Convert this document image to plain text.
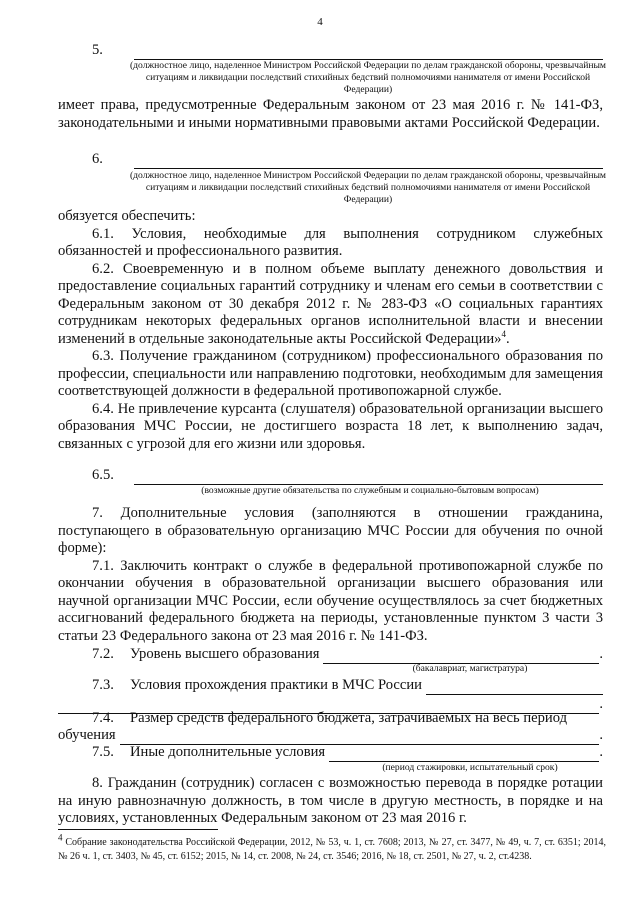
4
5.
(должностное лицо, наделенное Министром Российской Федерации по делам гражданской обороны, чрезвычайным ситуациям и ликвидации последствий стихийных бедствий полномочиями нанимателя от имени Российской Федерации)

имеет права, предусмотренные Федеральным законом от 23 мая 2016 г. № 141-ФЗ, законодательными и иными нормативными правовыми актами Российской Федерации.

6.
(должностное лицо, наделенное Министром Российской Федерации по делам гражданской обороны, чрезвычайным ситуациям и ликвидации последствий стихийных бедствий полномочиями нанимателя от имени Российской Федерации)

обязуется обеспечить:

6.1. Условия, необходимые для выполнения сотрудником служебных обязанностей и профессионального развития.

6.2. Своевременную и в полном объеме выплату денежного довольствия и предоставление социальных гарантий сотруднику и членам его семьи в соответствии с Федеральным законом от 30 декабря 2012 г. № 283-ФЗ «О социальных гарантиях сотрудникам некоторых федеральных органов исполнительной власти и внесении изменений в отдельные законодательные акты Российской Федерации»$^4$.

6.3. Получение гражданином (сотрудником) профессионального образования по профессии, специальности или направлению подготовки, необходимым для замещения соответствующей должности в федеральной противопожарной службе.

6.4. Не привлечение курсанта (слушателя) образовательной организации высшего образования МЧС России, не достигшего возраста 18 лет, к выполнению задач, связанных с угрозой для его жизни или здоровья.

6.5.
(возможные другие обязательства по служебным и социально-бытовым вопросам)

7. Дополнительные условия (заполняются в отношении гражданина, поступающего в образовательную организацию МЧС России для обучения по очной форме):

7.1. Заключить контракт о службе в федеральной противопожарной службе по окончании обучения в образовательной организации высшего образования или научной организации МЧС России, если обучение осуществлялось за счет бюджетных ассигнований федерального бюджета на периоды, установленные пунктом 3 части 3 статьи 23 Федерального закона от 23 мая 2016 г. № 141-ФЗ.

7.2.	Уровень высшего образования	.
(бакалавриат, магистратура)
7.3.	Условия прохождения практики в МЧС России
.
7.4.	Размер средств федерального бюджета, затрачиваемых на весь период
обучения	.
7.5.	Иные дополнительные условия	.
(период стажировки, испытательный срок)

8. Гражданин (сотрудник) согласен с возможностью перевода в порядке ротации на иную равнозначную должность, в том числе в другую местность, в порядке и на условиях, установленных Федеральным законом от 23 мая 2016 г.

4 Собрание законодательства Российской Федерации, 2012, № 53, ч. 1, ст. 7608; 2013, № 27, ст. 3477, № 49, ч. 7, ст. 6351; 2014, № 26 ч. 1, ст. 3403, № 45, ст. 6152; 2015, № 14, ст. 2008, № 24, ст. 3546; 2016, № 18, ст. 2501, № 27, ч. 2, ст.4238.
